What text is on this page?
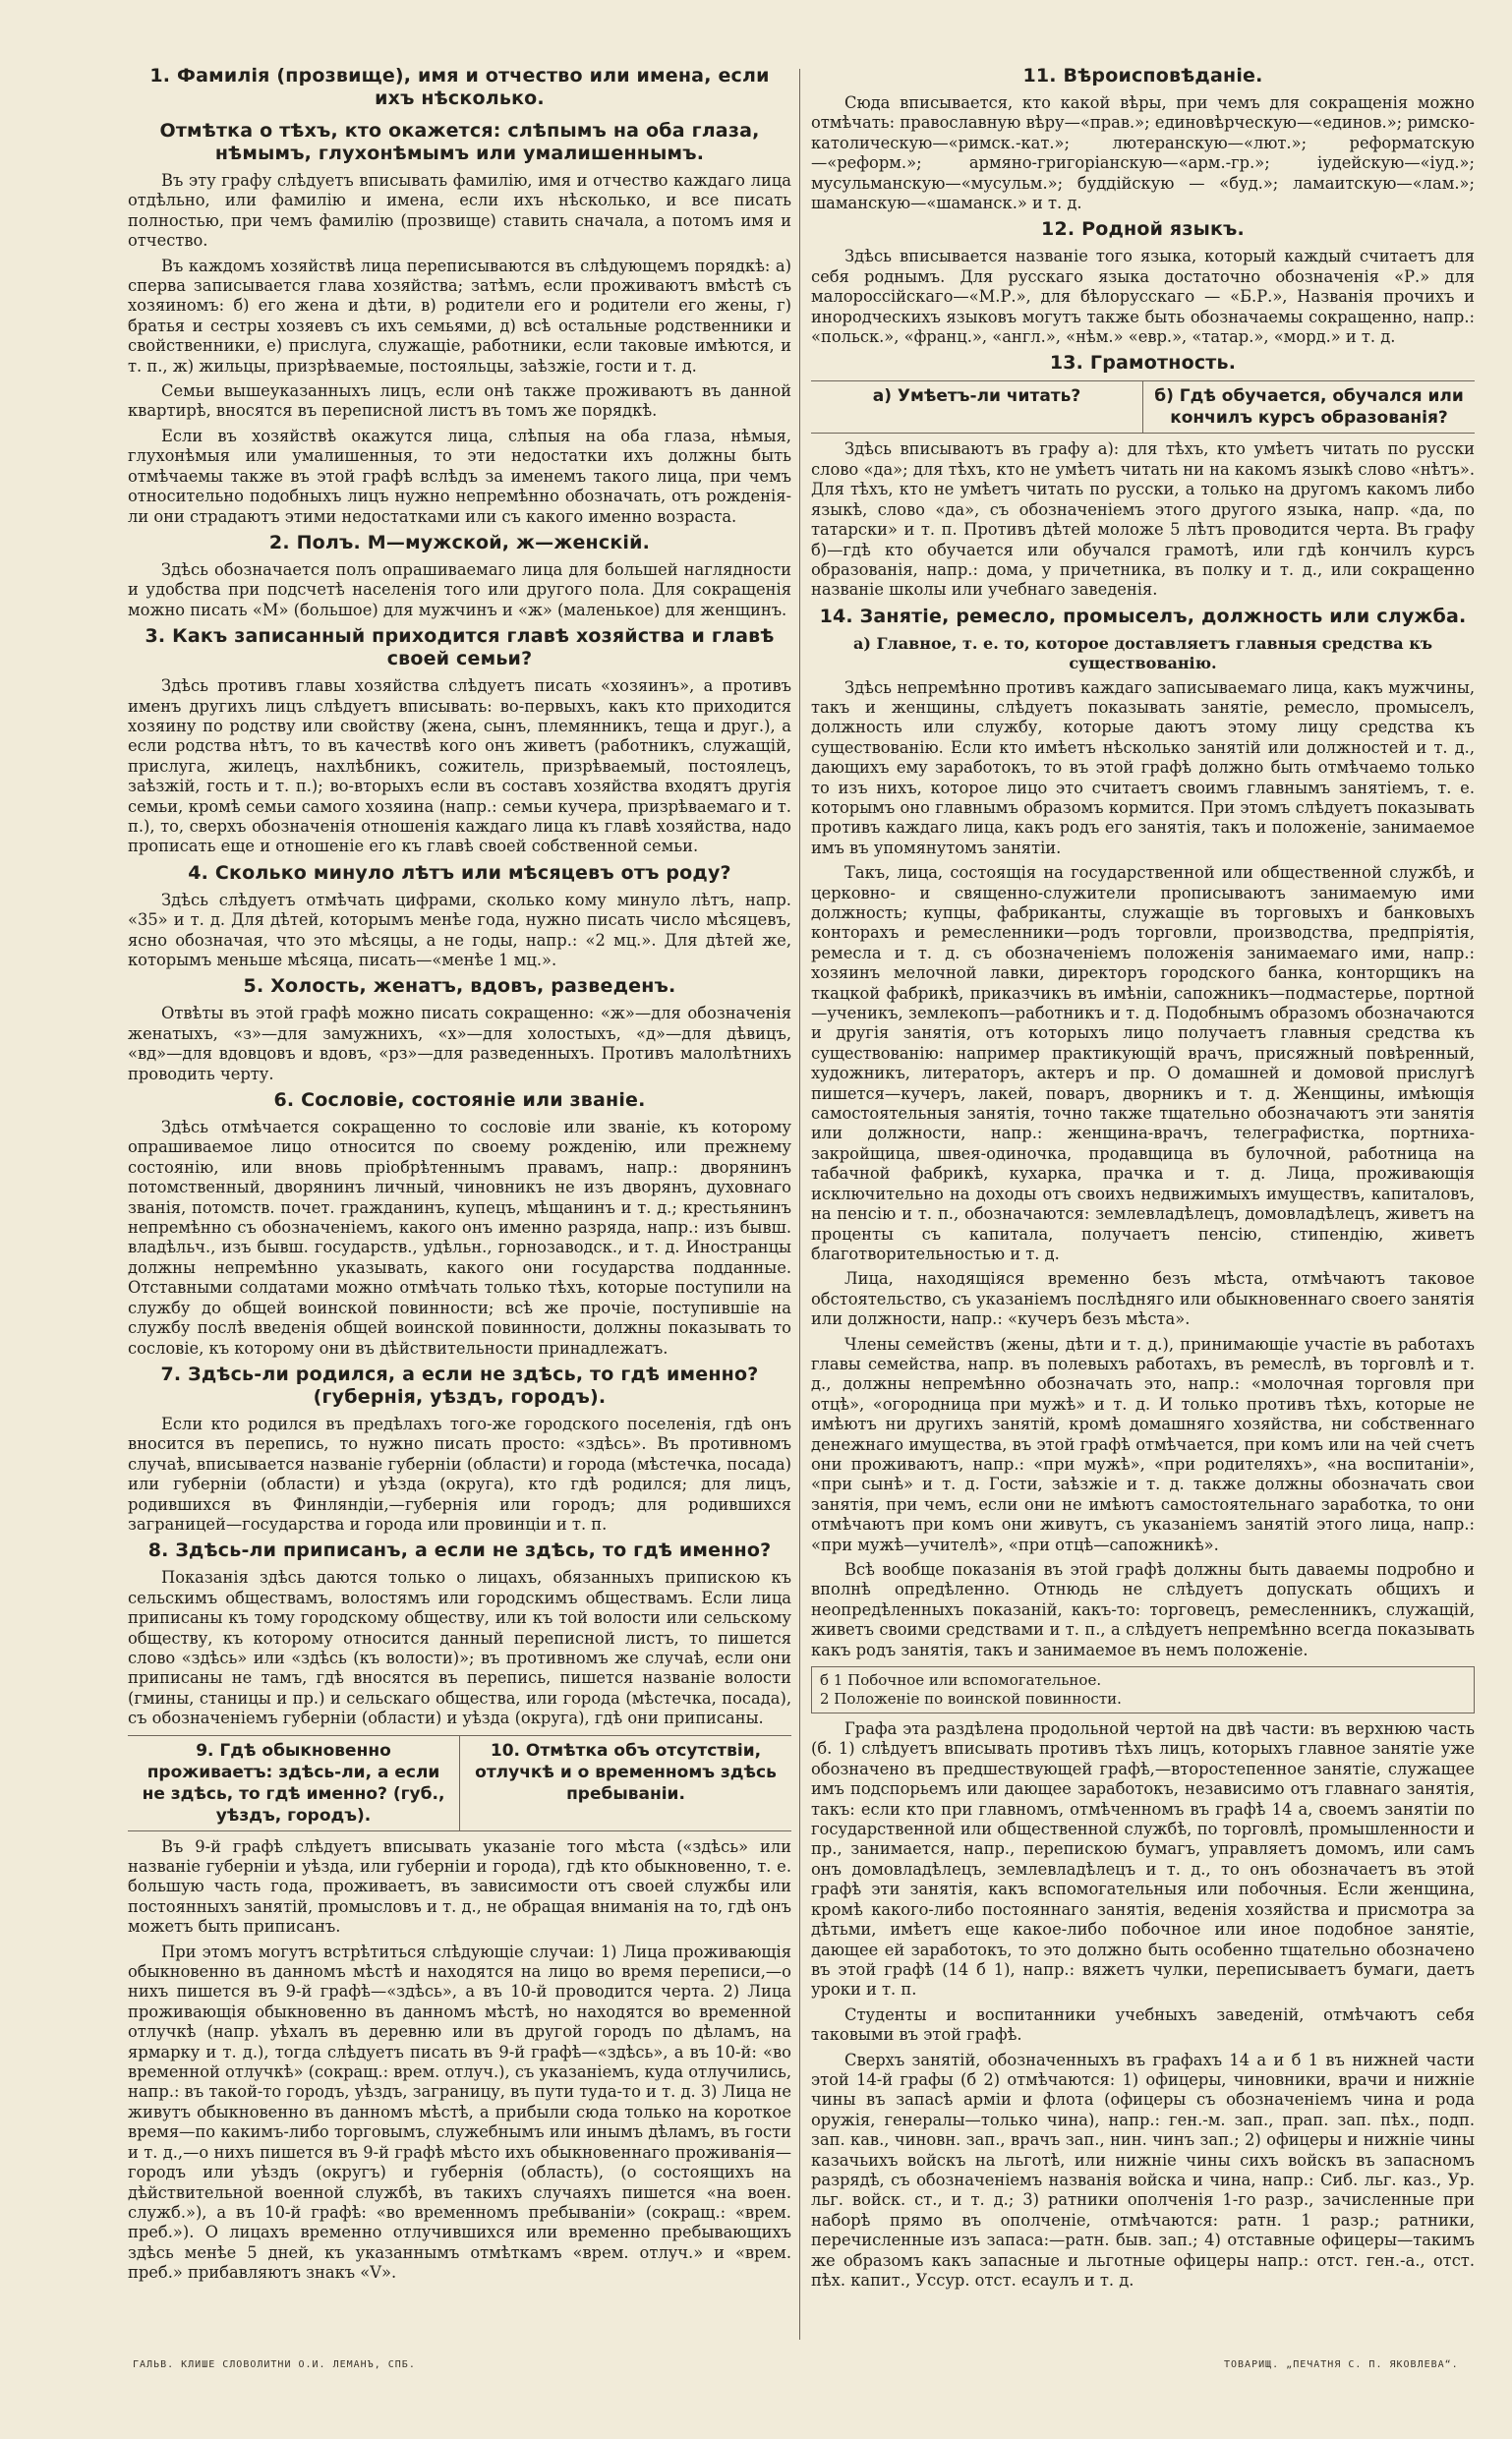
1. Фамилія (прозвище), имя и отчество или имена, если ихъ нѣсколько.
Отмѣтка о тѣхъ, кто окажется: слѣпымъ на оба глаза, нѣмымъ, глухонѣмымъ или умалишеннымъ.

Въ эту графу слѣдуетъ вписывать фамилію, имя и отчество каждаго лица отдѣльно, или фамилію и имена, если ихъ нѣсколько, и все писать полностью, при чемъ фамилію (прозвище) ставить сначала, а потомъ имя и отчество.

Въ каждомъ хозяйствѣ лица переписываются въ слѣдующемъ порядкѣ: а) сперва записывается глава хозяйства; затѣмъ, если проживаютъ вмѣстѣ съ хозяиномъ: б) его жена и дѣти, в) родители его и родители его жены, г) братья и сестры хозяевъ съ ихъ семьями, д) всѣ остальные родственники и свойственники, е) прислуга, служащіе, работники, если таковые имѣются, и т. п., ж) жильцы, призрѣваемые, постояльцы, заѣзжіе, гости и т. д.

Семьи вышеуказанныхъ лицъ, если онѣ также проживаютъ въ данной квартирѣ, вносятся въ переписной листъ въ томъ же порядкѣ.

Если въ хозяйствѣ окажутся лица, слѣпыя на оба глаза, нѣмыя, глухонѣмыя или умалишенныя, то эти недостатки ихъ должны быть отмѣчаемы также въ этой графѣ вслѣдъ за именемъ такого лица, при чемъ относительно подобныхъ лицъ нужно непремѣнно обозначать, отъ рожденія-ли они страдаютъ этими недостатками или съ какого именно возраста.

2. Полъ. М—мужской, ж—женскій.

Здѣсь обозначается полъ опрашиваемаго лица для большей наглядности и удобства при подсчетѣ населенія того или другого пола. Для сокращенія можно писать «М» (большое) для мужчинъ и «ж» (маленькое) для женщинъ.

3. Какъ записанный приходится главѣ хозяйства и главѣ своей семьи?

Здѣсь противъ главы хозяйства слѣдуетъ писать «хозяинъ», а противъ именъ другихъ лицъ слѣдуетъ вписывать: во-первыхъ, какъ кто приходится хозяину по родству или свойству (жена, сынъ, племянникъ, теща и друг.), а если родства нѣтъ, то въ качествѣ кого онъ живетъ (работникъ, служащій, прислуга, жилецъ, нахлѣбникъ, сожитель, призрѣваемый, постоялецъ, заѣзжій, гость и т. п.); во-вторыхъ если въ составъ хозяйства входятъ другія семьи, кромѣ семьи самого хозяина (напр.: семьи кучера, призрѣваемаго и т. п.), то, сверхъ обозначенія отношенія каждаго лица къ главѣ хозяйства, надо прописать еще и отношеніе его къ главѣ своей собственной семьи.

4. Сколько минуло лѣтъ или мѣсяцевъ отъ роду?

Здѣсь слѣдуетъ отмѣчать цифрами, сколько кому минуло лѣтъ, напр. «35» и т. д. Для дѣтей, которымъ менѣе года, нужно писать число мѣсяцевъ, ясно обозначая, что это мѣсяцы, а не годы, напр.: «2 мц.». Для дѣтей же, которымъ меньше мѣсяца, писать—«менѣе 1 мц.».

5. Холость, женатъ, вдовъ, разведенъ.

Отвѣты въ этой графѣ можно писать сокращенно: «ж»—для обозначенія женатыхъ, «з»—для замужнихъ, «х»—для холостыхъ, «д»—для дѣвицъ, «вд»—для вдовцовъ и вдовъ, «рз»—для разведенныхъ. Противъ малолѣтнихъ проводить черту.

6. Сословіе, состояніе или званіе.

Здѣсь отмѣчается сокращенно то сословіе или званіе, къ которому опрашиваемое лицо относится по своему рожденію, или прежнему состоянію, или вновь пріобрѣтеннымъ правамъ, напр.: дворянинъ потомственный, дворянинъ личный, чиновникъ не изъ дворянъ, духовнаго званія, потомств. почет. гражданинъ, купецъ, мѣщанинъ и т. д.; крестьянинъ непремѣнно съ обозначеніемъ, какого онъ именно разряда, напр.: изъ бывш. владѣльч., изъ бывш. государств., удѣльн., горнозаводск., и т. д. Иностранцы должны непремѣнно указывать, какого они государства подданные. Отставными солдатами можно отмѣчать только тѣхъ, которые поступили на службу до общей воинской повинности; всѣ же прочіе, поступившіе на службу послѣ введенія общей воинской повинности, должны показывать то сословіе, къ которому они въ дѣйствительности принадлежатъ.

7. Здѣсь-ли родился, а если не здѣсь, то гдѣ именно? (губернія, уѣздъ, городъ).

Если кто родился въ предѣлахъ того-же городского поселенія, гдѣ онъ вносится въ перепись, то нужно писать просто: «здѣсь». Въ противномъ случаѣ, вписывается названіе губерніи (области) и города (мѣстечка, посада) или губерніи (области) и уѣзда (округа), кто гдѣ родился; для лицъ, родившихся въ Финляндіи,—губернія или городъ; для родившихся заграницей—государства и города или провинціи и т. п.

8. Здѣсь-ли приписанъ, а если не здѣсь, то гдѣ именно?

Показанія здѣсь даются только о лицахъ, обязанныхъ припискою къ сельскимъ обществамъ, волостямъ или городскимъ обществамъ. Если лица приписаны къ тому городскому обществу, или къ той волости или сельскому обществу, къ которому относится данный переписной листъ, то пишется слово «здѣсь» или «здѣсь (къ волости)»; въ противномъ же случаѣ, если они приписаны не тамъ, гдѣ вносятся въ перепись, пишется названіе волости (гмины, станицы и пр.) и сельскаго общества, или города (мѣстечка, посада), съ обозначеніемъ губерніи (области) и уѣзда (округа), гдѣ они приписаны.

9. Гдѣ обыкновенно проживаетъ: здѣсь-ли, а если не здѣсь, то гдѣ именно? (губ., уѣздъ, городъ).
10. Отмѣтка объ отсутствіи, отлучкѣ и о временномъ здѣсь пребываніи.

Въ 9-й графѣ слѣдуетъ вписывать указаніе того мѣста («здѣсь» или названіе губерніи и уѣзда, или губерніи и города), гдѣ кто обыкновенно, т. е. большую часть года, проживаетъ, въ зависимости отъ своей службы или постоянныхъ занятій, промысловъ и т. д., не обращая вниманія на то, гдѣ онъ можетъ быть приписанъ.

При этомъ могутъ встрѣтиться слѣдующіе случаи: 1) Лица проживающія обыкновенно въ данномъ мѣстѣ и находятся на лицо во время переписи,—о нихъ пишется въ 9-й графѣ—«здѣсь», а въ 10-й проводится черта. 2) Лица проживающія обыкновенно въ данномъ мѣстѣ, но находятся во временной отлучкѣ (напр. уѣхалъ въ деревню или въ другой городъ по дѣламъ, на ярмарку и т. д.), тогда слѣдуетъ писать въ 9-й графѣ—«здѣсь», а въ 10-й: «во временной отлучкѣ» (сокращ.: врем. отлуч.), съ указаніемъ, куда отлучились, напр.: въ такой-то городъ, уѣздъ, заграницу, въ пути туда-то и т. д. 3) Лица не живутъ обыкновенно въ данномъ мѣстѣ, а прибыли сюда только на короткое время—по какимъ-либо торговымъ, служебнымъ или инымъ дѣламъ, въ гости и т. д.,—о нихъ пишется въ 9-й графѣ мѣсто ихъ обыкновеннаго проживанія—городъ или уѣздъ (округъ) и губернія (область), (о состоящихъ на дѣйствительной военной службѣ, въ такихъ случаяхъ пишется «на воен. служб.»), а въ 10-й графѣ: «во временномъ пребываніи» (сокращ.: «врем. преб.»). О лицахъ временно отлучившихся или временно пребывающихъ здѣсь менѣе 5 дней, къ указаннымъ отмѣткамъ «врем. отлуч.» и «врем. преб.» прибавляютъ знакъ «V».

11. Вѣроисповѣданіе.

Сюда вписывается, кто какой вѣры, при чемъ для сокращенія можно отмѣчать: православную вѣру—«прав.»; единовѣрческую—«единов.»; римско-католическую—«римск.-кат.»; лютеранскую—«лют.»; реформатскую—«реформ.»; армяно-григоріанскую—«арм.-гр.»; іудейскую—«іуд.»; мусульманскую—«мусульм.»; буддійскую — «буд.»; ламаитскую—«лам.»; шаманскую—«шаманск.» и т. д.

12. Родной языкъ.

Здѣсь вписывается названіе того языка, который каждый считаетъ для себя роднымъ. Для русскаго языка достаточно обозначенія «Р.» для малороссійскаго—«М.Р.», для бѣлорусскаго — «Б.Р.», Названія прочихъ и инородческихъ языковъ могутъ также быть обозначаемы сокращенно, напр.: «польск.», «франц.», «англ.», «нѣм.» «евр.», «татар.», «морд.» и т. д.

13. Грамотность.
а) Умѣетъ-ли читать?	б) Гдѣ обучается, обучался или кончилъ курсъ образованія?

Здѣсь вписываютъ въ графу а): для тѣхъ, кто умѣетъ читать по русски слово «да»; для тѣхъ, кто не умѣетъ читать ни на какомъ языкѣ слово «нѣтъ». Для тѣхъ, кто не умѣетъ читать по русски, а только на другомъ какомъ либо языкѣ, слово «да», съ обозначеніемъ этого другого языка, напр. «да, по татарски» и т. п. Противъ дѣтей моложе 5 лѣтъ проводится черта. Въ графу б)—гдѣ кто обучается или обучался грамотѣ, или гдѣ кончилъ курсъ образованія, напр.: дома, у причетника, въ полку и т. д., или сокращенно названіе школы или учебнаго заведенія.

14. Занятіе, ремесло, промыселъ, должность или служба.
а) Главное, т. е. то, которое доставляетъ главныя средства къ существованію.

Здѣсь непремѣнно противъ каждаго записываемаго лица, какъ мужчины, такъ и женщины, слѣдуетъ показывать занятіе, ремесло, промыселъ, должность или службу, которые даютъ этому лицу средства къ существованію. Если кто имѣетъ нѣсколько занятій или должностей и т. д., дающихъ ему заработокъ, то въ этой графѣ должно быть отмѣчаемо только то изъ нихъ, которое лицо это считаетъ своимъ главнымъ занятіемъ, т. е. которымъ оно главнымъ образомъ кормится. При этомъ слѣдуетъ показывать противъ каждаго лица, какъ родъ его занятія, такъ и положеніе, занимаемое имъ въ упомянутомъ занятіи.

Такъ, лица, состоящія на государственной или общественной службѣ, и церковно- и священно-служители прописываютъ занимаемую ими должность; купцы, фабриканты, служащіе въ торговыхъ и банковыхъ конторахъ и ремесленники—родъ торговли, производства, предпріятія, ремесла и т. д. съ обозначеніемъ положенія занимаемаго ими, напр.: хозяинъ мелочной лавки, директоръ городского банка, конторщикъ на ткацкой фабрикѣ, приказчикъ въ имѣніи, сапожникъ—подмастерье, портной—ученикъ, землекопъ—работникъ и т. д. Подобнымъ образомъ обозначаются и другія занятія, отъ которыхъ лицо получаетъ главныя средства къ существованію: например практикующій врачъ, присяжный повѣренный, художникъ, литераторъ, актеръ и пр. О домашней и домовой прислугѣ пишется—кучеръ, лакей, поваръ, дворникъ и т. д. Женщины, имѣющія самостоятельныя занятія, точно также тщательно обозначаютъ эти занятія или должности, напр.: женщина-врачъ, телеграфистка, портниха-закройщица, швея-одиночка, продавщица въ булочной, работница на табачной фабрикѣ, кухарка, прачка и т. д. Лица, проживающія исключительно на доходы отъ своихъ недвижимыхъ имуществъ, капиталовъ, на пенсію и т. п., обозначаются: землевладѣлецъ, домовладѣлецъ, живетъ на проценты съ капитала, получаетъ пенсію, стипендію, живетъ благотворительностью и т. д.

Лица, находящіяся временно безъ мѣста, отмѣчаютъ таковое обстоятельство, съ указаніемъ послѣдняго или обыкновеннаго своего занятія или должности, напр.: «кучеръ безъ мѣста».

Члены семействъ (жены, дѣти и т. д.), принимающіе участіе въ работахъ главы семейства, напр. въ полевыхъ работахъ, въ ремеслѣ, въ торговлѣ и т. д., должны непремѣнно обозначать это, напр.: «молочная торговля при отцѣ», «огородница при мужѣ» и т. д. И только противъ тѣхъ, которые не имѣютъ ни другихъ занятій, кромѣ домашняго хозяйства, ни собственнаго денежнаго имущества, въ этой графѣ отмѣчается, при комъ или на чей счетъ они проживаютъ, напр.: «при мужѣ», «при родителяхъ», «на воспитаніи», «при сынѣ» и т. д. Гости, заѣзжіе и т. д. также должны обозначать свои занятія, при чемъ, если они не имѣютъ самостоятельнаго заработка, то они отмѣчаютъ при комъ они живутъ, съ указаніемъ занятій этого лица, напр.: «при мужѣ—учителѣ», «при отцѣ—сапожникѣ».

Всѣ вообще показанія въ этой графѣ должны быть даваемы подробно и вполнѣ опредѣленно. Отнюдь не слѣдуетъ допускать общихъ и неопредѣленныхъ показаній, какъ-то: торговецъ, ремесленникъ, служащій, живетъ своими средствами и т. п., а слѣдуетъ непремѣнно всегда показывать какъ родъ занятія, такъ и занимаемое въ немъ положеніе.

б 1 Побочное или вспомогательное.
2 Положеніе по воинской повинности.

Графа эта раздѣлена продольной чертой на двѣ части: въ верхнюю часть (б. 1) слѣдуетъ вписывать противъ тѣхъ лицъ, которыхъ главное занятіе уже обозначено въ предшествующей графѣ,—второстепенное занятіе, служащее имъ подспорьемъ или дающее заработокъ, независимо отъ главнаго занятія, такъ: если кто при главномъ, отмѣченномъ въ графѣ 14 а, своемъ занятіи по государственной или общественной службѣ, по торговлѣ, промышленности и пр., занимается, напр., перепискою бумагъ, управляетъ домомъ, или самъ онъ домовладѣлецъ, землевладѣлецъ и т. д., то онъ обозначаетъ въ этой графѣ эти занятія, какъ вспомогательныя или побочныя. Если женщина, кромѣ какого-либо постояннаго занятія, веденія хозяйства и присмотра за дѣтьми, имѣетъ еще какое-либо побочное или иное подобное занятіе, дающее ей заработокъ, то это должно быть особенно тщательно обозначено въ этой графѣ (14 б 1), напр.: вяжетъ чулки, переписываетъ бумаги, даетъ уроки и т. п.

Студенты и воспитанники учебныхъ заведеній, отмѣчаютъ себя таковыми въ этой графѣ.

Сверхъ занятій, обозначенныхъ въ графахъ 14 а и б 1 въ нижней части этой 14-й графы (б 2) отмѣчаются: 1) офицеры, чиновники, врачи и нижніе чины въ запасѣ арміи и флота (офицеры съ обозначеніемъ чина и рода оружія, генералы—только чина), напр.: ген.-м. зап., прап. зап. пѣх., подп. зап. кав., чиновн. зап., врачъ зап., нин. чинъ зап.; 2) офицеры и нижніе чины казачьихъ войскъ на льготѣ, или нижніе чины сихъ войскъ въ запасномъ разрядѣ, съ обозначеніемъ названія войска и чина, напр.: Сиб. льг. каз., Ур. льг. войск. ст., и т. д.; 3) ратники ополченія 1-го разр., зачисленные при наборѣ прямо въ ополченіе, отмѣчаются: ратн. 1 разр.; ратники, перечисленные изъ запаса:—ратн. быв. зап.; 4) отставные офицеры—такимъ же образомъ какъ запасные и льготные офицеры напр.: отст. ген.-а., отст. пѣх. капит., Уссур. отст. есаулъ и т. д.

ГАЛЬВ. КЛИШЕ СЛОВОЛИТНИ О.И. ЛЕМАНЪ, СПБ.	ТОВАРИЩ. „ПЕЧАТНЯ С. П. ЯКОВЛЕВА“.
